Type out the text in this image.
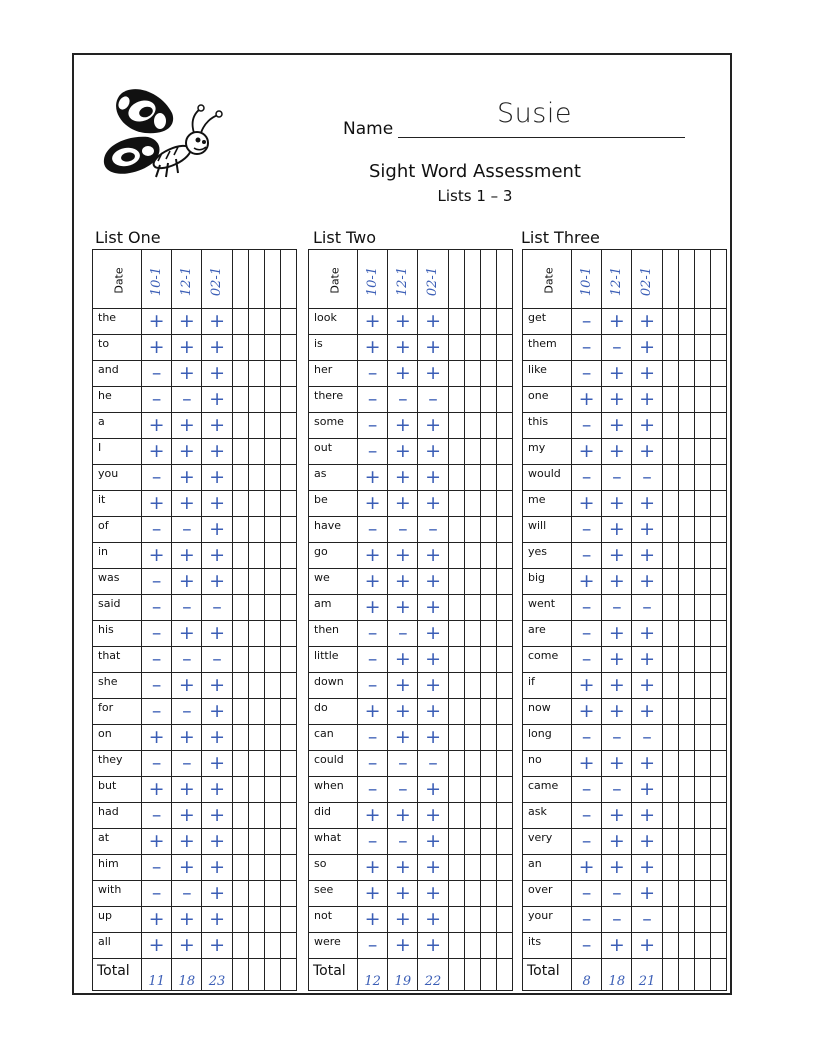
Name	Susie
Sight Word Assessment
Lists 1 – 3
List One
Date	10-1	12-1	02-1				
the	+	+	+				
to	+	+	+				
and	–	+	+				
he	–	–	+				
a	+	+	+				
I	+	+	+				
you	–	+	+				
it	+	+	+				
of	–	–	+				
in	+	+	+				
was	–	+	+				
said	–	–	–				
his	–	+	+				
that	–	–	–				
she	–	+	+				
for	–	–	+				
on	+	+	+				
they	–	–	+				
but	+	+	+				
had	–	+	+				
at	+	+	+				
him	–	+	+				
with	–	–	+				
up	+	+	+				
all	+	+	+				
Total	11	18	23				
List Two
Date	10-1	12-1	02-1				
look	+	+	+				
is	+	+	+				
her	–	+	+				
there	–	–	–				
some	–	+	+				
out	–	+	+				
as	+	+	+				
be	+	+	+				
have	–	–	–				
go	+	+	+				
we	+	+	+				
am	+	+	+				
then	–	–	+				
little	–	+	+				
down	–	+	+				
do	+	+	+				
can	–	+	+				
could	–	–	–				
when	–	–	+				
did	+	+	+				
what	–	–	+				
so	+	+	+				
see	+	+	+				
not	+	+	+				
were	–	+	+				
Total	12	19	22				
List Three
Date	10-1	12-1	02-1				
get	–	+	+				
them	–	–	+				
like	–	+	+				
one	+	+	+				
this	–	+	+				
my	+	+	+				
would	–	–	–				
me	+	+	+				
will	–	+	+				
yes	–	+	+				
big	+	+	+				
went	–	–	–				
are	–	+	+				
come	–	+	+				
if	+	+	+				
now	+	+	+				
long	–	–	–				
no	+	+	+				
came	–	–	+				
ask	–	+	+				
very	–	+	+				
an	+	+	+				
over	–	–	+				
your	–	–	–				
its	–	+	+				
Total	8	18	21				
